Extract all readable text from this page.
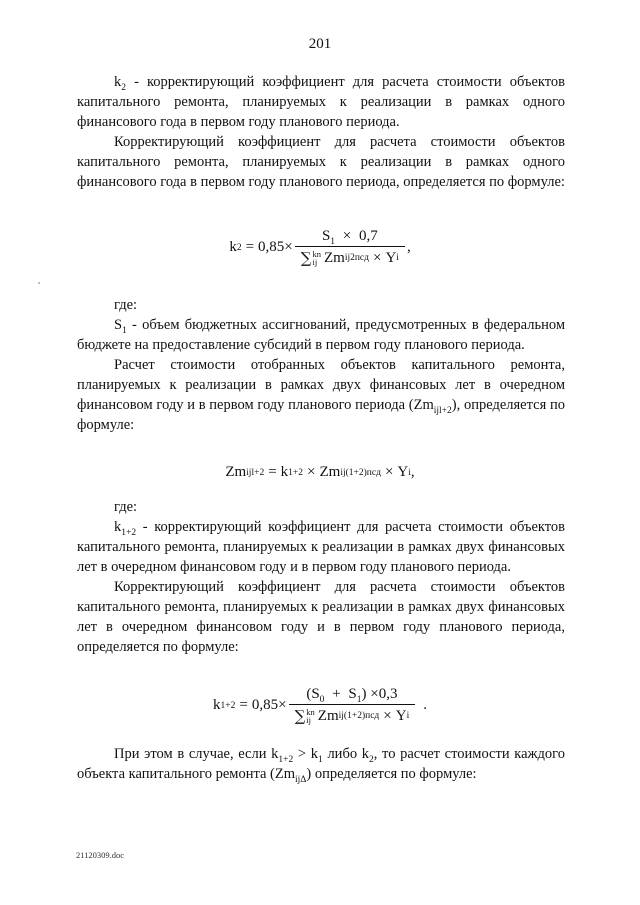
201

$k_2$ - корректирующий коэффициент для расчета стоимости объектов капитального ремонта, планируемых к реализации в рамках одного финансового года в первом году планового периода.

Корректирующий коэффициент для расчета стоимости объектов капитального ремонта, планируемых к реализации в рамках одного финансового года в первом году планового периода, определяется по формуле:

k $2 = 0,85 \times S_1 \times 0,7$
∑ kn
ij Zm ij2псд × Y i ,

где:

$S_1$ - объем бюджетных ассигнований, предусмотренных в федеральном бюджете на предоставление субсидий в первом году планового периода.

Расчет стоимости отобранных объектов капитального ремонта, планируемых к реализации в рамках двух финансовых лет в очередном финансовом году и в первом году планового периода $(Zm_{ijl+2})$, определяется по формуле:

Zm ijl+2 = k 1+2 × Zm ij(1+2)псд × Y i ,

где:

$k_{1+2}$ - корректирующий коэффициент для расчета стоимости объектов капитального ремонта, планируемых к реализации в рамках двух финансовых лет в очередном финансовом году и в первом году планового периода.

Корректирующий коэффициент для расчета стоимости объектов капитального ремонта, планируемых к реализации в рамках двух финансовых лет в очередном финансовом году и в первом году планового периода, определяется по формуле:

k $1+2 = 0,85 \times (S_0 + S_1) \times 0,3$
∑ kn
ij Zm ij(1+2)псд × Y i .

При этом в случае, если $k_{1+2} > k_1$ либо $k_2$, то расчет стоимости каждого объекта капитального ремонта $(Zm_{ij\Delta})$ определяется по формуле:

21120309.doc
